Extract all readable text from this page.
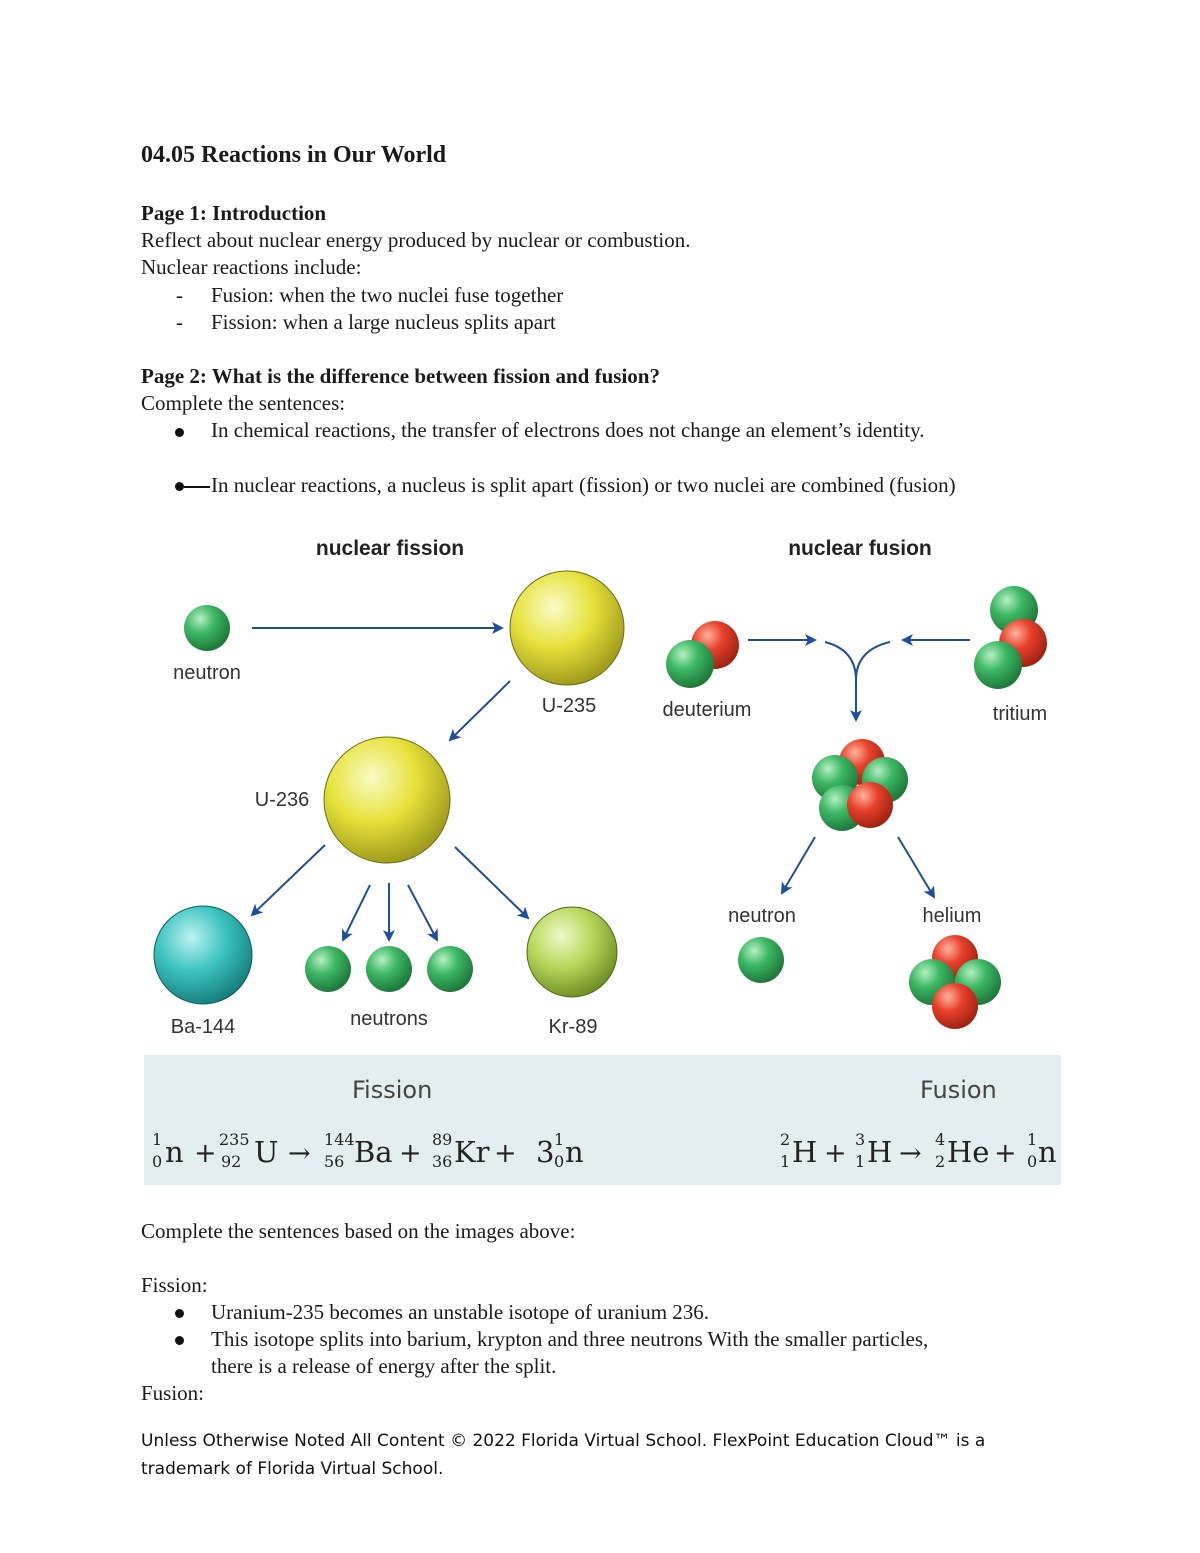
04.05 Reactions in Our World
Page 1: Introduction
Reflect about nuclear energy produced by nuclear or combustion.
Nuclear reactions include:
- Fusion: when the two nuclei fuse together
- Fission: when a large nucleus splits apart
Page 2: What is the difference between fission and fusion?
Complete the sentences:
In chemical reactions, the transfer of electrons does not change an element’s identity.
In nuclear reactions, a nucleus is split apart (fission) or two nuclei are combined (fusion)
nuclear fission	nuclear fusion
neutron
U-235
U-236
Ba-144	neutrons	Kr-89
deuterium	tritium
neutron	helium
Fission	Fusion
1
0 n + 235
92 U → 144
56 Ba + 89
36 Kr + 3 1
0 n	2
1 H + 3
1 H → 4
2 He + 1
0 n
Complete the sentences based on the images above:
Fission:
Uranium-235 becomes an unstable isotope of uranium 236.
This isotope splits into barium, krypton and three neutrons With the smaller particles,
there is a release of energy after the split.
Fusion:
Unless Otherwise Noted All Content © 2022 Florida Virtual School. FlexPoint Education Cloud™ is a
trademark of Florida Virtual School.
